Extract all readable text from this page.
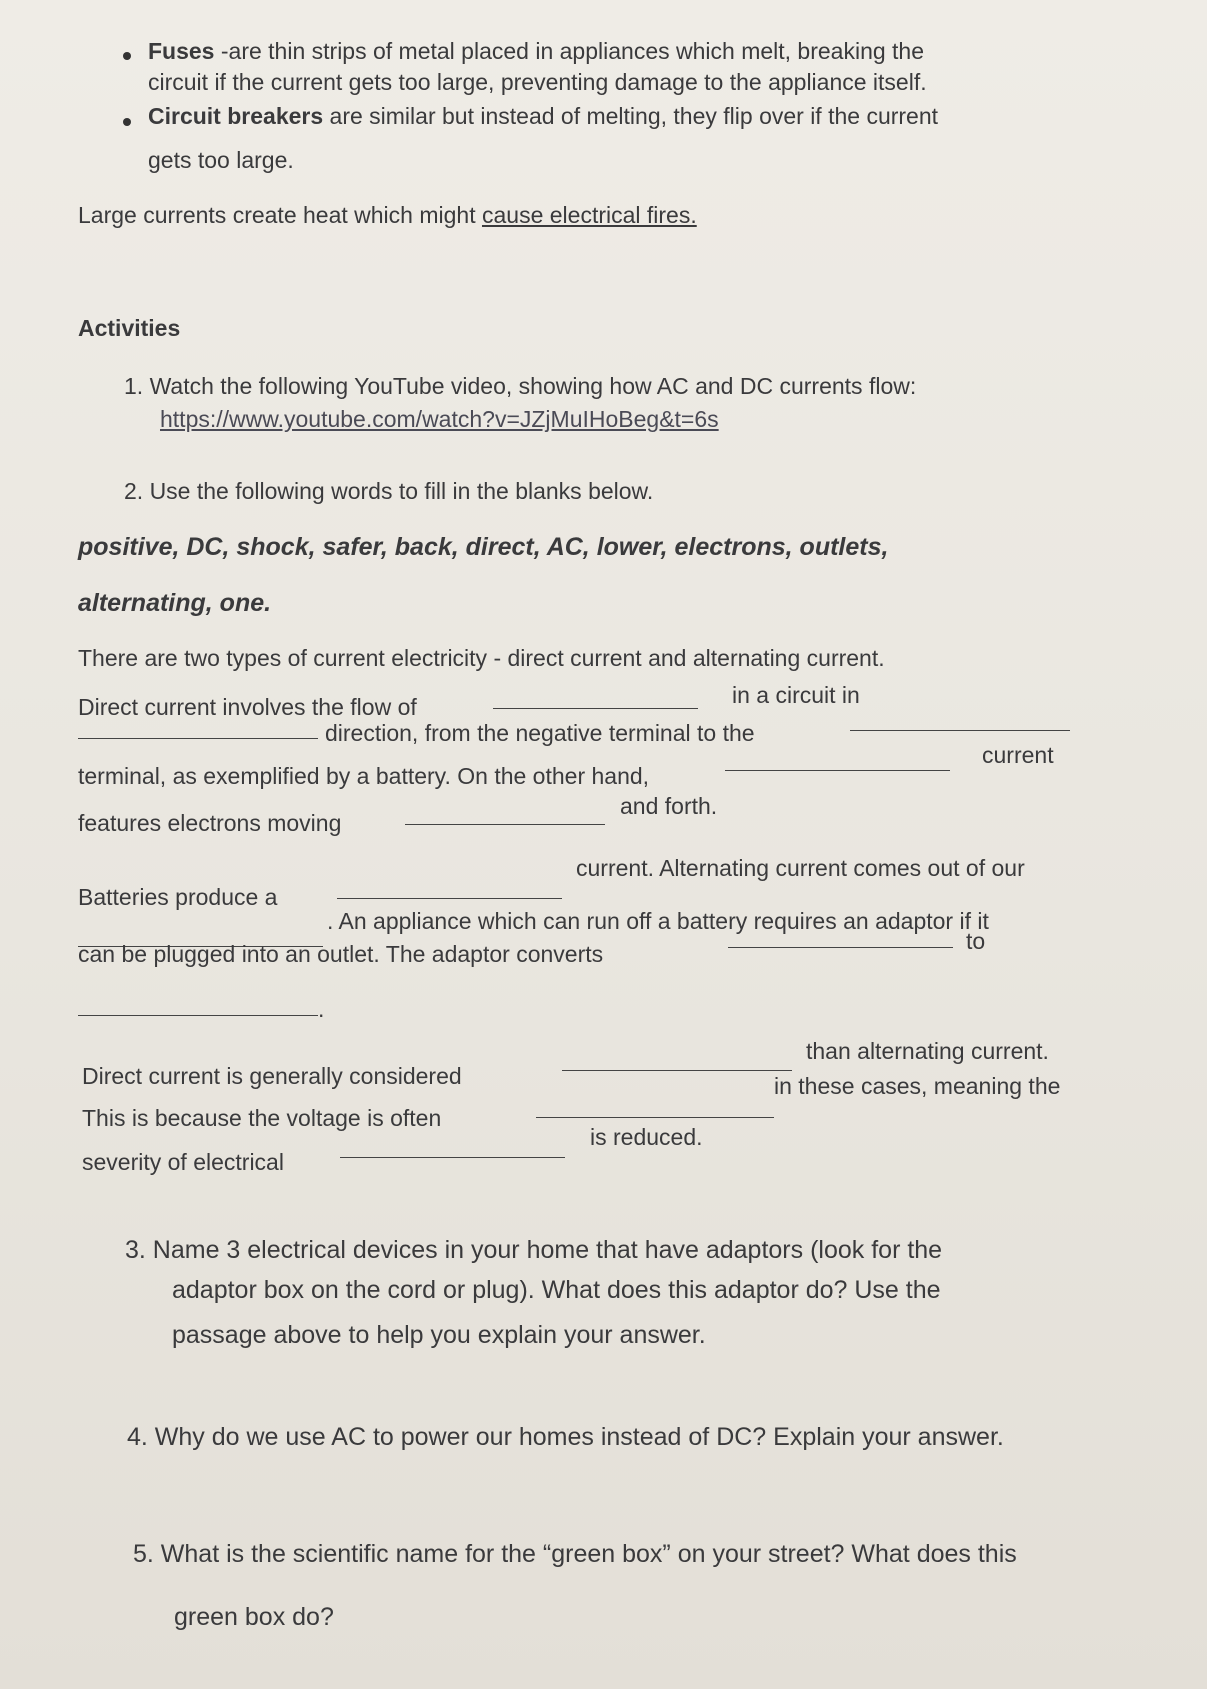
Fuses -are thin strips of metal placed in appliances which melt, breaking the
circuit if the current gets too large, preventing damage to the appliance itself.
Circuit breakers are similar but instead of melting, they flip over if the current
gets too large.
Large currents create heat which might cause electrical fires.
Activities
1. Watch the following YouTube video, showing how AC and DC currents flow:
https://www.youtube.com/watch?v=JZjMuIHoBeg&t=6s
2. Use the following words to fill in the blanks below.
positive, DC, shock, safer, back, direct, AC, lower, electrons, outlets,
alternating, one.
There are two types of current electricity - direct current and alternating current.
Direct current involves the flow of	in a circuit in
direction, from the negative terminal to the
terminal, as exemplified by a battery. On the other hand,
current
features electrons moving
and forth.
Batteries produce a
current. Alternating current comes out of our
. An appliance which can run off a battery requires an adaptor if it
can be plugged into an outlet. The adaptor converts	to
.
Direct current is generally considered
than alternating current.
This is because the voltage is often
in these cases, meaning the
severity of electrical
is reduced.
3. Name 3 electrical devices in your home that have adaptors (look for the
adaptor box on the cord or plug). What does this adaptor do? Use the
passage above to help you explain your answer.
4. Why do we use AC to power our homes instead of DC? Explain your answer.
5. What is the scientific name for the “green box” on your street? What does this
green box do?
